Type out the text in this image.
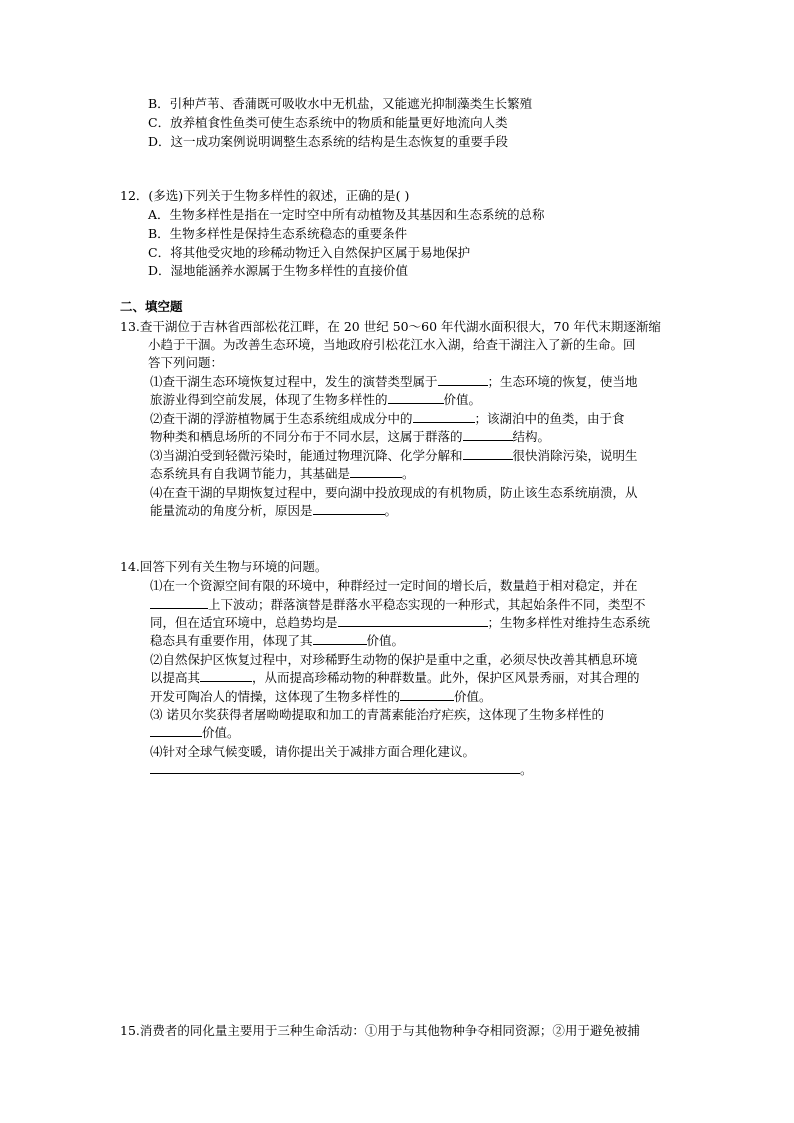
B．引种芦苇、香蒲既可吸收水中无机盐，又能遮光抑制藻类生长繁殖
C．放养植食性鱼类可使生态系统中的物质和能量更好地流向人类
D．这一成功案例说明调整生态系统的结构是生态恢复的重要手段
12．(多选)下列关于生物多样性的叙述，正确的是( )
A．生物多样性是指在一定时空中所有动植物及其基因和生态系统的总称
B．生物多样性是保持生态系统稳态的重要条件
C．将其他受灾地的珍稀动物迁入自然保护区属于易地保护
D．湿地能涵养水源属于生物多样性的直接价值
二、填空题
13.查干湖位于吉林省西部松花江畔，在 20 世纪 50～60 年代湖水面积很大，70 年代末期逐渐缩
小趋于干涸。为改善生态环境，当地政府引松花江水入湖，给查干湖注入了新的生命。回
答下列问题：
⑴查干湖生态环境恢复过程中，发生的演替类型属于	；生态环境的恢复，使当地
旅游业得到空前发展，体现了生物多样性的	价值。
⑵查干湖的浮游植物属于生态系统组成成分中的	；该湖泊中的鱼类，由于食
物种类和栖息场所的不同分布于不同水层，这属于群落的	结构。
⑶当湖泊受到轻微污染时，能通过物理沉降、化学分解和	很快消除污染，说明生
态系统具有自我调节能力，其基础是	。
⑷在查干湖的早期恢复过程中，要向湖中投放现成的有机物质，防止该生态系统崩溃，从
能量流动的角度分析，原因是	。
14.回答下列有关生物与环境的问题。
⑴在一个资源空间有限的环境中，种群经过一定时间的增长后，数量趋于相对稳定，并在
上下波动；群落演替是群落水平稳态实现的一种形式，其起始条件不同，类型不
同，但在适宜环境中，总趋势均是	；生物多样性对维持生态系统
稳态具有重要作用，体现了其	价值。
⑵自然保护区恢复过程中，对珍稀野生动物的保护是重中之重，必须尽快改善其栖息环境
以提高其	，从而提高珍稀动物的种群数量。此外，保护区风景秀丽，对其合理的
开发可陶冶人的情操，这体现了生物多样性的	价值。
⑶ 诺贝尔奖获得者屠呦呦提取和加工的青蒿素能治疗疟疾，这体现了生物多样性的
价值。
⑷针对全球气候变暖，请你提出关于减排方面合理化建议。
。
15.消费者的同化量主要用于三种生命活动：①用于与其他物种争夺相同资源；②用于避免被捕
